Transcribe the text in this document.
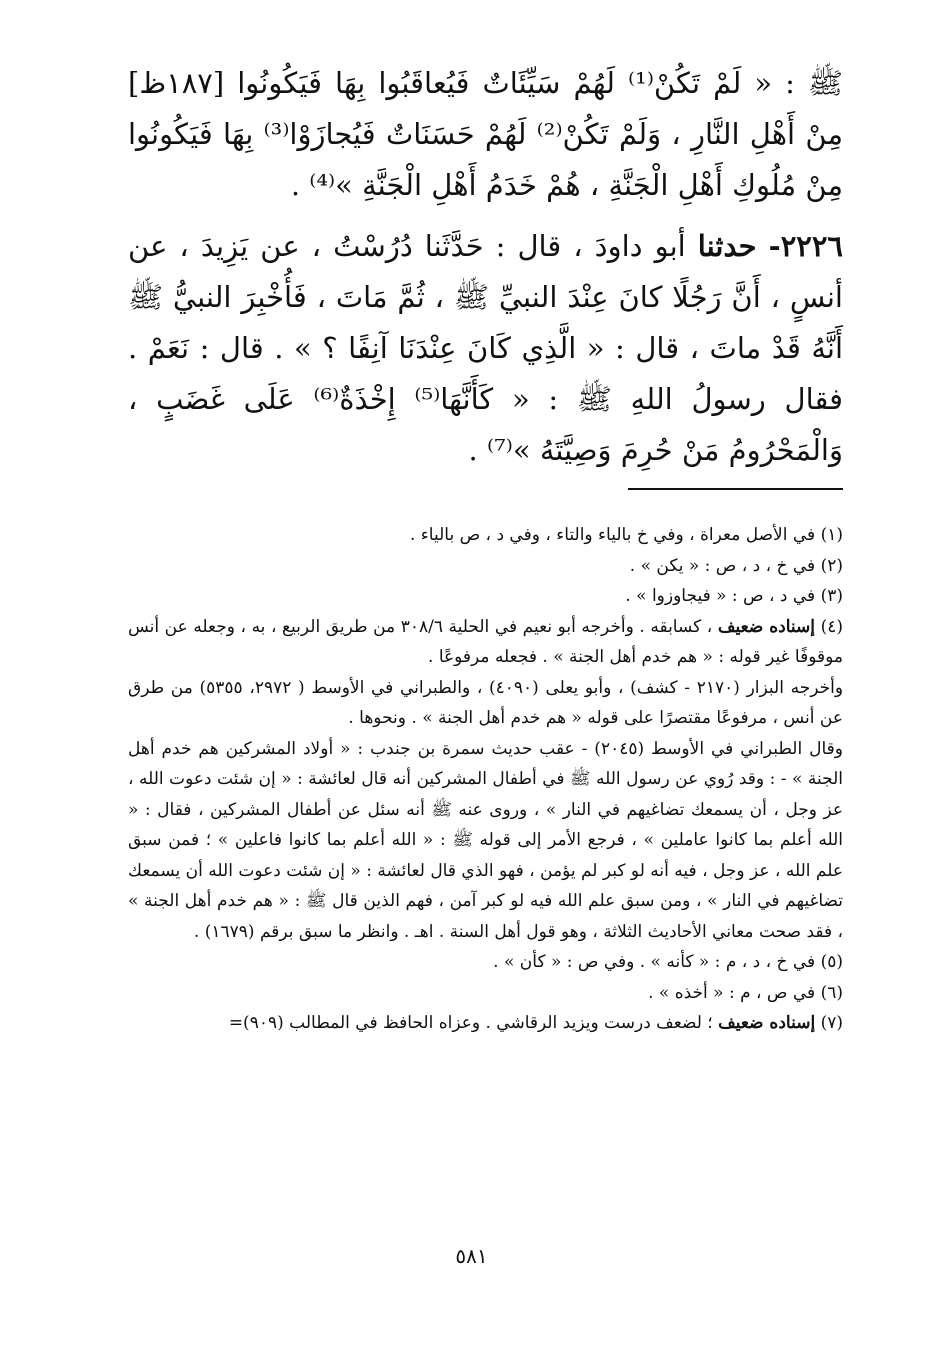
ﷺ : « لَمْ تَكُنْ⁽¹⁾ لَهُمْ سَيِّئَاتٌ فَيُعاقَبُوا بِهَا فَيَكُونُوا [١٨٧ظ] مِنْ أَهْلِ النَّارِ ، وَلَمْ تَكُنْ⁽²⁾ لَهُمْ حَسَنَاتٌ فَيُجازَوْا⁽³⁾ بِهَا فَيَكُونُوا مِنْ مُلُوكِ أَهْلِ الْجَنَّةِ ، هُمْ خَدَمُ أَهْلِ الْجَنَّةِ »⁽⁴⁾ .

٢٢٢٦- حدثنا أبو داودَ ، قال : حَدَّثَنا دُرُسْتُ ، عن يَزِيدَ ، عن أنسٍ ، أَنَّ رَجُلًا كانَ عِنْدَ النبيِّ ﷺ ، ثُمَّ مَاتَ ، فَأُخْبِرَ النبيُّ ﷺ أَنَّهُ قَدْ ماتَ ، قال : « الَّذِي كَانَ عِنْدَنَا آنِفًا ؟ » . قال : نَعَمْ . فقال رسولُ اللهِ ﷺ : « كَأَنَّهَا⁽⁵⁾ إِخْذَةٌ⁽⁶⁾ عَلَى غَضَبٍ ، وَالْمَحْرُومُ مَنْ حُرِمَ وَصِيَّتَهُ »⁽⁷⁾ .

(١) في الأصل معراة ، وفي خ بالياء والتاء ، وفي د ، ص بالياء .

(٢) في خ ، د ، ص : « يكن » .

(٣) في د ، ص : « فيجاوزوا » .

(٤) إسناده ضعيف ، كسابقه . وأخرجه أبو نعيم في الحلية ٣٠٨/٦ من طريق الربيع ، به ، وجعله عن أنس موقوفًا غير قوله : « هم خدم أهل الجنة » . فجعله مرفوعًا .

وأخرجه البزار (٢١٧٠ - كشف) ، وأبو يعلى (٤٠٩٠) ، والطبراني في الأوسط ( ٢٩٧٢، ٥٣٥٥) من طرق عن أنس ، مرفوعًا مقتصرًا على قوله « هم خدم أهل الجنة » . ونحوها .

وقال الطبراني في الأوسط (٢٠٤٥) - عقب حديث سمرة بن جندب : « أولاد المشركين هم خدم أهل الجنة » - : وقد رُوي عن رسول الله ﷺ في أطفال المشركين أنه قال لعائشة : « إن شئت دعوت الله ، عز وجل ، أن يسمعك تضاغيهم في النار » ، وروى عنه ﷺ أنه سئل عن أطفال المشركين ، فقال : « الله أعلم بما كانوا عاملين » ، فرجع الأمر إلى قوله ﷺ : « الله أعلم بما كانوا فاعلين » ؛ فمن سبق علم الله ، عز وجل ، فيه أنه لو كبر لم يؤمن ، فهو الذي قال لعائشة : « إن شئت دعوت الله أن يسمعك تضاغيهم في النار » ، ومن سبق علم الله فيه لو كبر آمن ، فهم الذين قال ﷺ : « هم خدم أهل الجنة » ، فقد صحت معاني الأحاديث الثلاثة ، وهو قول أهل السنة . اهـ . وانظر ما سبق برقم (١٦٧٩) .

(٥) في خ ، د ، م : « كأنه » . وفي ص : « كأن » .

(٦) في ص ، م : « أخذه » .

(٧) إسناده ضعيف ؛ لضعف درست ويزيد الرقاشي . وعزاه الحافظ في المطالب (٩٠٩)=

٥٨١
